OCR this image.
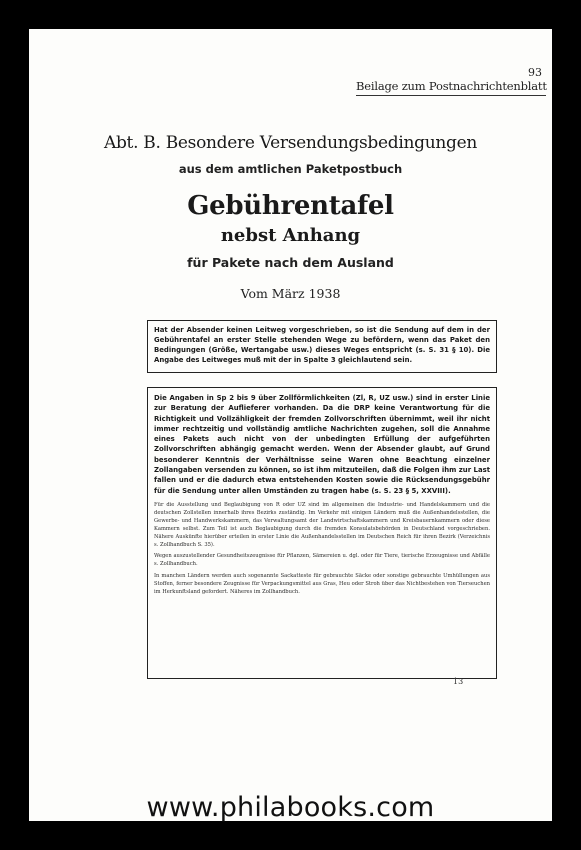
93
Beilage zum Postnachrichtenblatt
Abt. B. Besondere Versendungsbedingungen
aus dem amtlichen Paketpostbuch
Gebührentafel
nebst Anhang
für Pakete nach dem Ausland
Vom März 1938
Hat der Absender keinen Leitweg vorgeschrieben, so ist die Sendung auf dem in der Gebührentafel an erster Stelle stehenden Wege zu befördern, wenn das Paket den Bedingungen (Größe, Wertangabe usw.) dieses Weges entspricht (s. S. 31 § 10). Die Angabe des Leitweges muß mit der in Spalte 3 gleichlautend sein.

Die Angaben in Sp 2 bis 9 über Zollförmlichkeiten (Zl, R, UZ usw.) sind in erster Linie zur Beratung der Auflieferer vorhanden. Da die DRP keine Verantwortung für die Richtigkeit und Vollzähligkeit der fremden Zollvorschriften übernimmt, weil ihr nicht immer rechtzeitig und vollständig amtliche Nachrichten zugehen, soll die Annahme eines Pakets auch nicht von der unbedingten Erfüllung der aufgeführten Zollvorschriften abhängig gemacht werden. Wenn der Absender glaubt, auf Grund besonderer Kenntnis der Verhältnisse seine Waren ohne Beachtung einzelner Zollangaben versenden zu können, so ist ihm mitzuteilen, daß die Folgen ihm zur Last fallen und er die dadurch etwa entstehenden Kosten sowie die Rücksendungsgebühr für die Sendung unter allen Umständen zu tragen habe (s. S. 23 § 5, XXVIII).

Für die Ausstellung und Beglaubigung von R oder UZ sind im allgemeinen die Industrie- und Handelskammern und die deutschen Zollstellen innerhalb ihres Bezirks zuständig. Im Verkehr mit einigen Ländern muß die Außenhandelsstellen, die Gewerbe- und Handwerkskammern, das Verwaltungsamt der Landwirtschaftskammern und Kreisbauernkammern oder diese Kammern selbst. Zum Teil ist auch Beglaubigung durch die fremden Konsulatsbehörden in Deutschland vorgeschrieben. Nähere Auskünfte hierüber erteilen in erster Linie die Außenhandelsstellen im Deutschen Reich für ihren Bezirk (Verzeichnis s. Zollhandbuch S. 35).

Wegen auszustellender Gesundheitszeugnisse für Pflanzen, Sämereien u. dgl. oder für Tiere, tierische Erzeugnisse und Abfälle s. Zollhandbuch.

In manchen Ländern werden auch sogenannte Sackatteste für gebrauchte Säcke oder sonstige gebrauchte Umhüllungen aus Stoffen, ferner besondere Zeugnisse für Verpackungsmittel aus Gras, Heu oder Stroh über das Nichtbestehen von Tierseuchen im Herkunftsland gefordert. Näheres im Zollhandbuch.

13
www.philabooks.com
